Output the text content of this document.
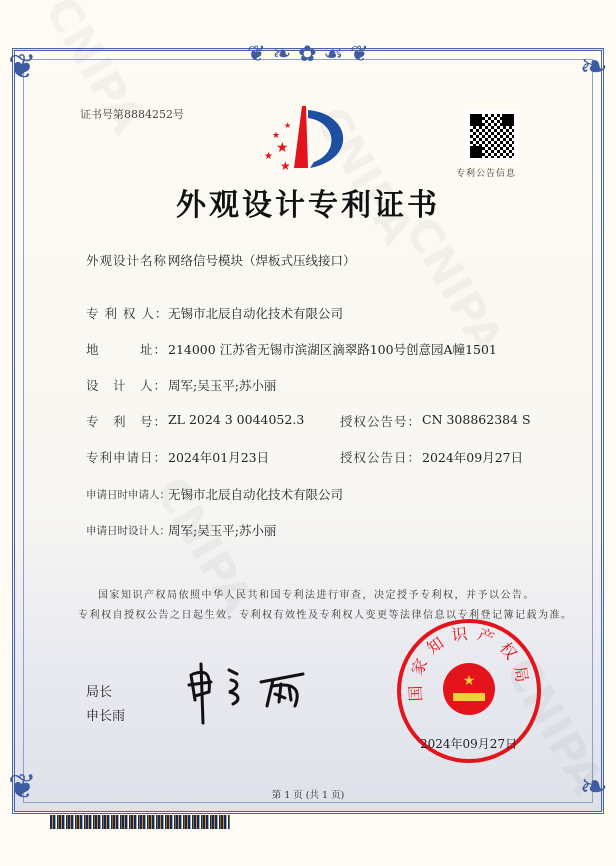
❦ ❧ ✿ ☙ ❦
❦	❧
❦	❧
证书号第8884252号
★
★
★
★
★
专利公告信息
外观设计专利证书
外观设计名称：
网络信号模块（焊板式压线接口）
专 利 权 人： 无锡市北辰自动化技术有限公司
地　　　址： 214000 江苏省无锡市滨湖区滴翠路100号创意园A幢1501
设　计　人： 周军;吴玉平;苏小丽
专　利　号： ZL 2024 3 0044052.3	授权公告号： CN 308862384 S
专利申请日： 2024年01月23日	授权公告日： 2024年09月27日
申请日时申请人：
无锡市北辰自动化技术有限公司
申请日时设计人：
周军;吴玉平;苏小丽
国家知识产权局依照中华人民共和国专利法进行审查，决定授予专利权，并予以公告。
专利权自授权公告之日起生效。专利权有效性及专利权人变更等法律信息以专利登记簿记载为准。
局长
申长雨
国家知识产权局
★
2024年09月27日
第 1 页 (共 1 页)
